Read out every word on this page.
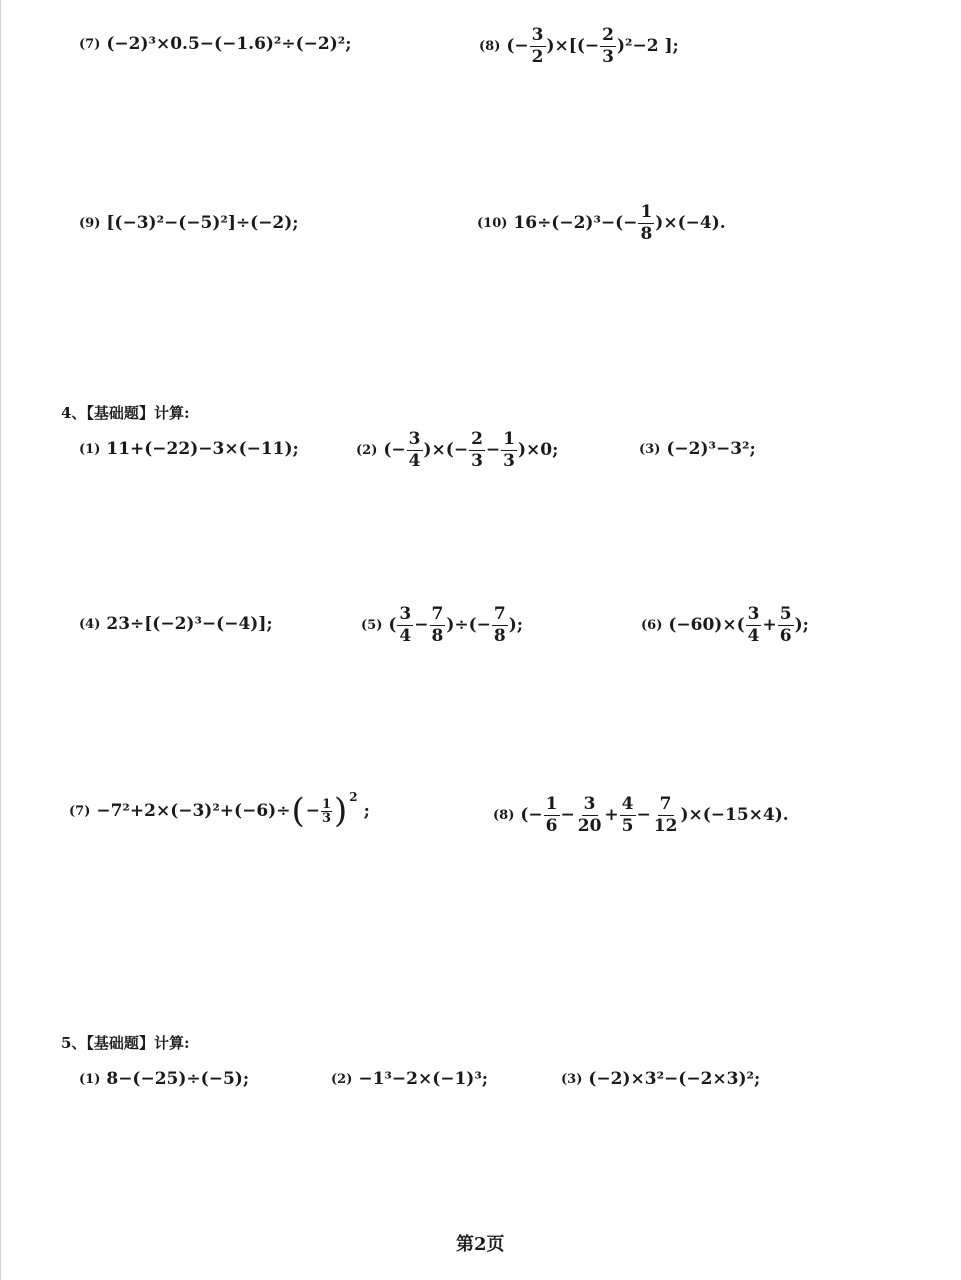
(7) (−2)³×0.5−(−1.6)²÷(−2)²;	(8) (− $\frac{3}{2}$ )×[(− $\frac{2}{3} )^2-2$ ];
(9) [(−3)²−(−5)²]÷(−2);	(10) $16\div(-2)^3-(- \frac{1}{8} )\times(-4)$.
4、【基础题】计算:
(1) 11+(−22)−3×(−11);	(2) (− $\frac{3}{4}$ )×(− $\frac{2}{3} - \frac{1}{3} )\times 0$;	(3) (−2)³−3²;
(4) 23÷[(−2)³−(−4)];	(5) ( $\frac{3}{4} - \frac{7}{8}$ )÷(− $\frac{7}{8}$ );	(6) $(-60)\times( \frac{3}{4} + \frac{5}{6}$ );
(7) −7²+2×(−3)²+(−6)÷ ( − $\frac{1}{3} )^2$
;	(8) (− $\frac{1}{6} - \frac{3}{20} + \frac{4}{5} - \frac{7}{12} )\times(-15\times 4)$.
5、【基础题】计算:
(1) 8−(−25)÷(−5);	(2) −1³−2×(−1)³;	(3) (−2)×3²−(−2×3)²;
第2页
